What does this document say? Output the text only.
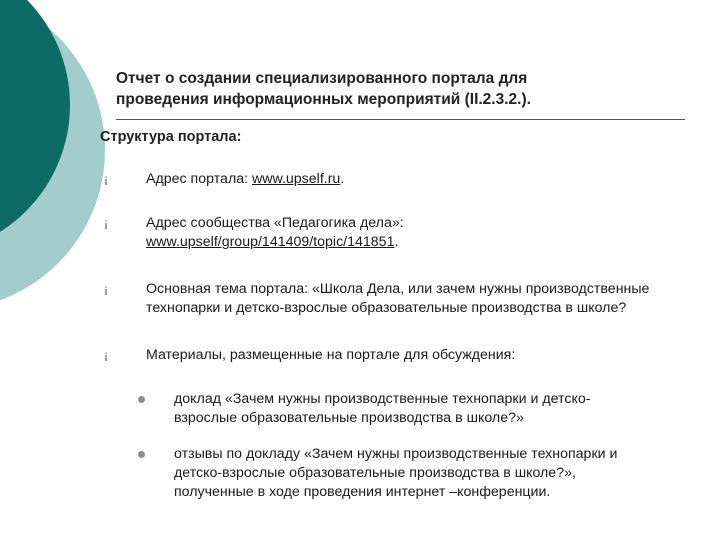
Отчет о создании специализированного портала для
проведения информационных мероприятий (II.2.3.2.).
Структура портала:
¡	Адрес портала: www.upself.ru.
¡	Адрес сообщества «Педагогика дела»:
www.upself/group/141409/topic/141851.
¡	Основная тема портала: «Школа Дела, или зачем нужны производственные
технопарки и детско-взрослые образовательные производства в школе?
¡	Материалы, размещенные на портале для обсуждения:
доклад «Зачем нужны производственные технопарки и детско-
взрослые образовательные производства в школе?»
отзывы по докладу «Зачем нужны производственные технопарки и
детско-взрослые образовательные производства в школе?»,
полученные в ходе проведения интернет –конференции.
